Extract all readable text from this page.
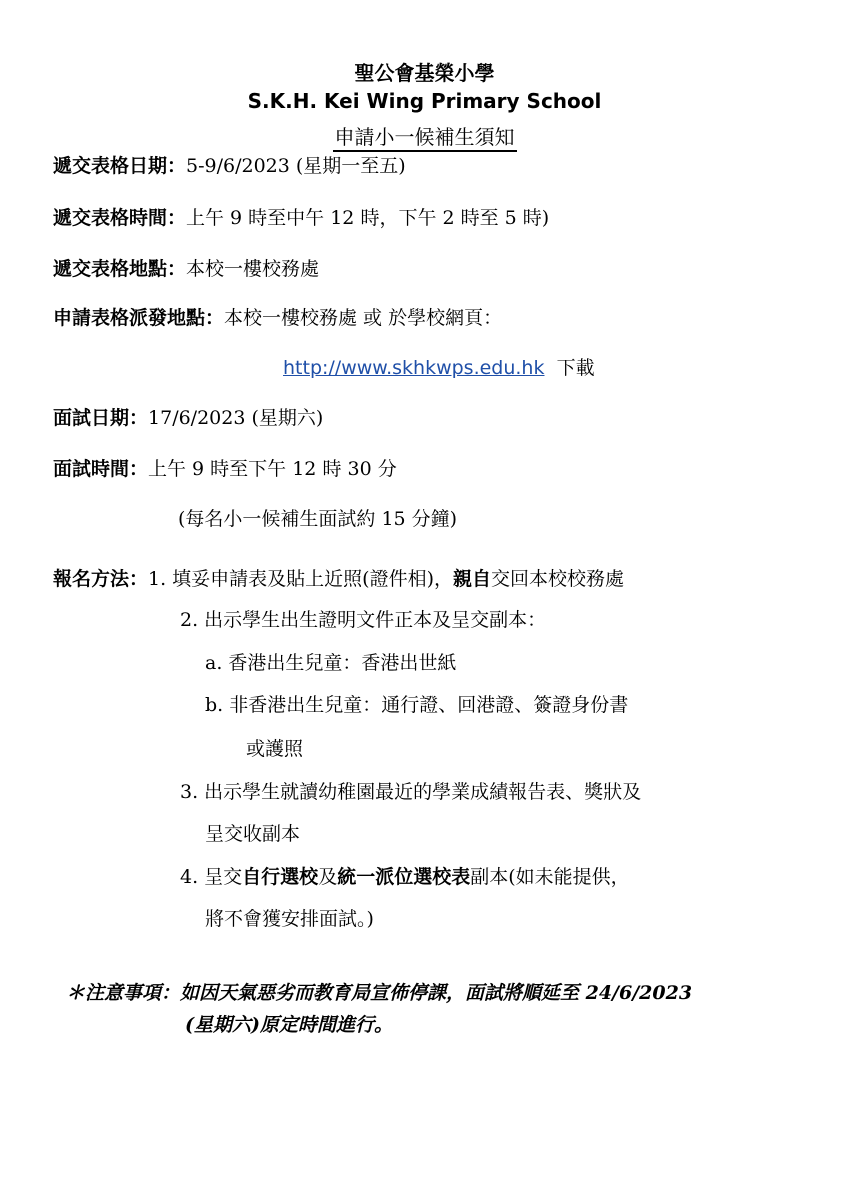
聖公會基榮小學
S.K.H. Kei Wing Primary School
申請小一候補生須知
遞交表格日期：5-9/6/2023 (星期一至五)
遞交表格時間：上午 9 時至中午 12 時，下午 2 時至 5 時)
遞交表格地點：本校一樓校務處
申請表格派發地點：本校一樓校務處 或 於學校網頁：
http://www.skhkwps.edu.hk 下載
面試日期：17/6/2023 (星期六)
面試時間：上午 9 時至下午 12 時 30 分
(每名小一候補生面試約 15 分鐘)
報名方法：1. 填妥申請表及貼上近照(證件相)，親自交回本校校務處
2. 出示學生出生證明文件正本及呈交副本：
a. 香港出生兒童：香港出世紙
b. 非香港出生兒童：通行證、回港證、簽證身份書
或護照
3. 出示學生就讀幼稚園最近的學業成績報告表、獎狀及
呈交收副本
4. 呈交自行選校及統一派位選校表副本(如未能提供，
將不會獲安排面試。)
＊注意事項：如因天氣惡劣而教育局宣佈停課，面試將順延至 24/6/2023
(星期六)原定時間進行。
